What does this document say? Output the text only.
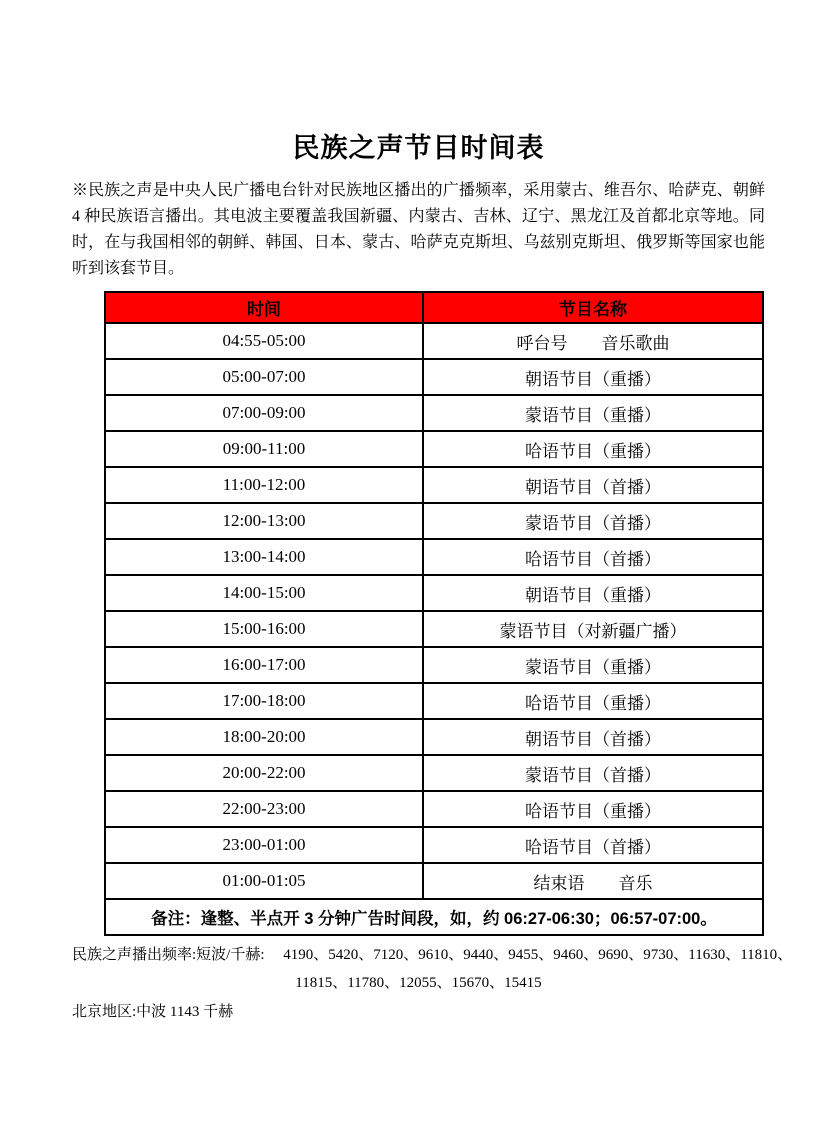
民族之声节目时间表

※民族之声是中央人民广播电台针对民族地区播出的广播频率，采用蒙古、维吾尔、哈萨克、朝鲜 4 种民族语言播出。其电波主要覆盖我国新疆、内蒙古、吉林、辽宁、黑龙江及首都北京等地。同时，在与我国相邻的朝鲜、韩国、日本、蒙古、哈萨克克斯坦、乌兹别克斯坦、俄罗斯等国家也能听到该套节目。

时间	节目名称
04:55-05:00	呼台号　　音乐歌曲
05:00-07:00	朝语节目（重播）
07:00-09:00	蒙语节目（重播）
09:00-11:00	哈语节目（重播）
11:00-12:00	朝语节目（首播）
12:00-13:00	蒙语节目（首播）
13:00-14:00	哈语节目（首播）
14:00-15:00	朝语节目（重播）
15:00-16:00	蒙语节目（对新疆广播）
16:00-17:00	蒙语节目（重播）
17:00-18:00	哈语节目（重播）
18:00-20:00	朝语节目（首播）
20:00-22:00	蒙语节目（首播）
22:00-23:00	哈语节目（重播）
23:00-01:00	哈语节目（首播）
01:00-01:05	结束语　　音乐
备注：逢整、半点开 3 分钟广告时间段，如，约 06:27-06:30；06:57-07:00。	

民族之声播出频率:短波/千赫:　 4190、5420、7120、9610、9440、9455、9460、9690、9730、11630、11810、

11815、11780、12055、15670、15415

北京地区:中波 1143 千赫
